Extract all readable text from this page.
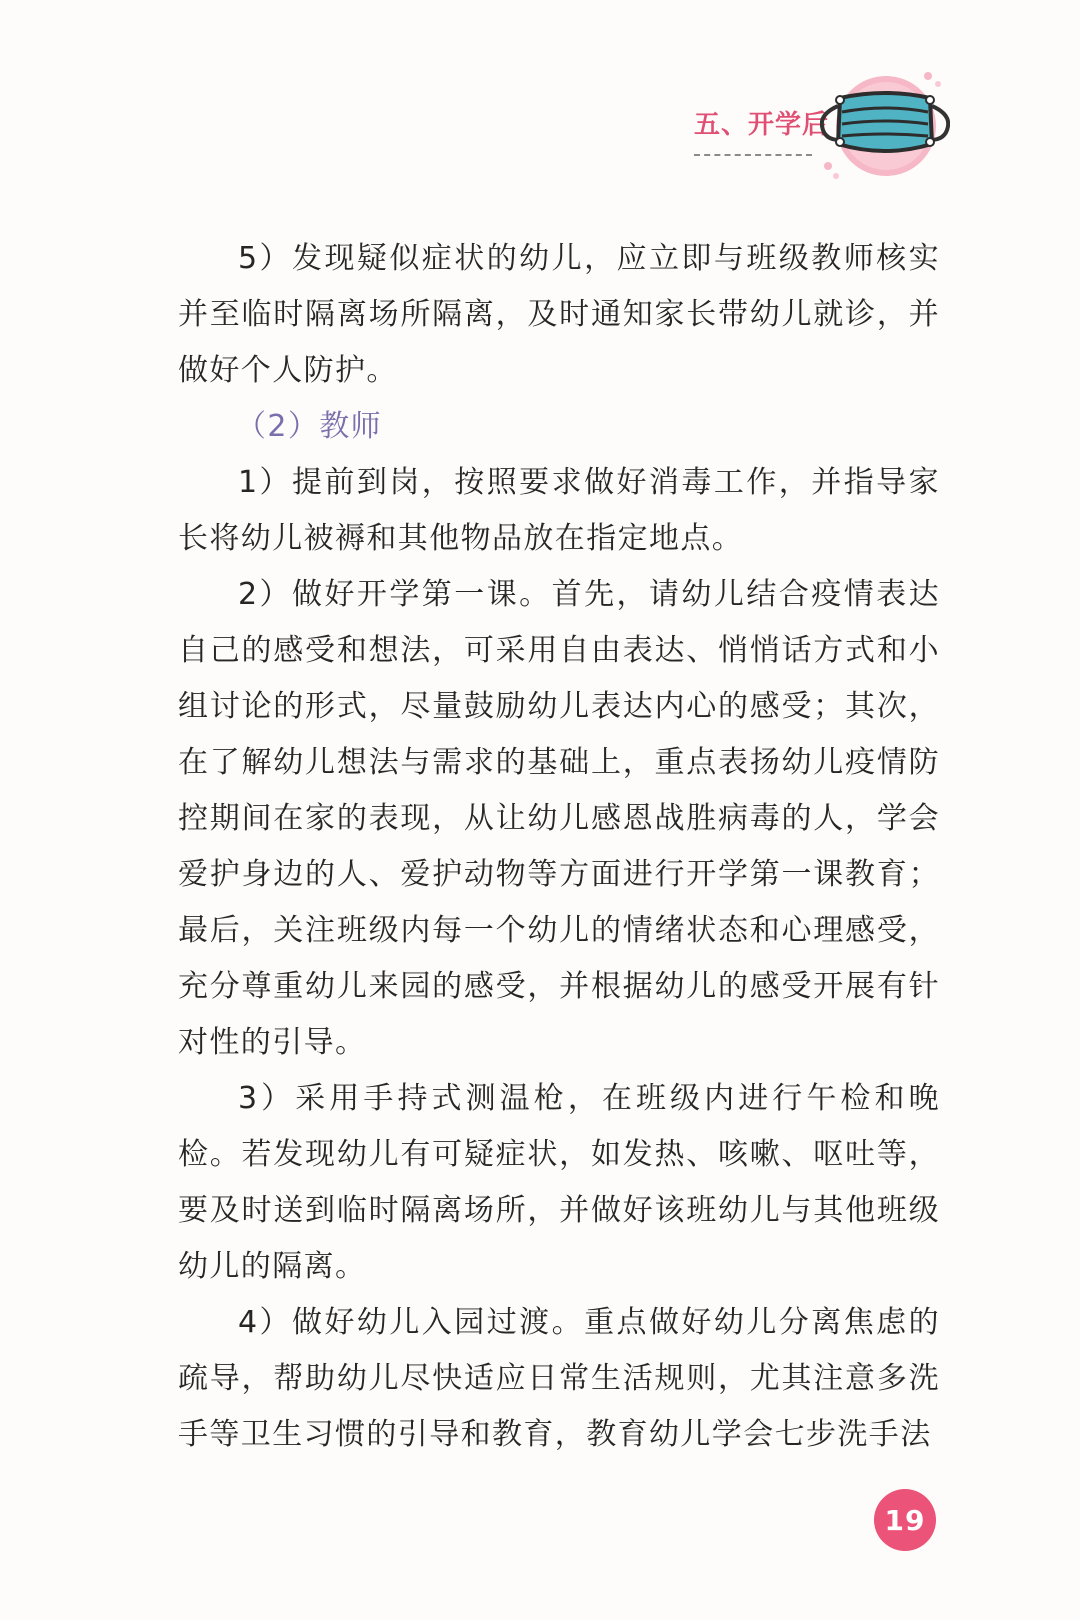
五、开学后

5）发现疑似症状的幼儿，应立即与班级教师核实并至临时隔离场所隔离，及时通知家长带幼儿就诊，并做好个人防护。

（2）教师

1）提前到岗，按照要求做好消毒工作，并指导家长将幼儿被褥和其他物品放在指定地点。

2）做好开学第一课。首先，请幼儿结合疫情表达自己的感受和想法，可采用自由表达、悄悄话方式和小组讨论的形式，尽量鼓励幼儿表达内心的感受；其次，在了解幼儿想法与需求的基础上，重点表扬幼儿疫情防控期间在家的表现，从让幼儿感恩战胜病毒的人，学会爱护身边的人、爱护动物等方面进行开学第一课教育；最后，关注班级内每一个幼儿的情绪状态和心理感受，充分尊重幼儿来园的感受，并根据幼儿的感受开展有针对性的引导。

3）采用手持式测温枪，在班级内进行午检和晚检。若发现幼儿有可疑症状，如发热、咳嗽、呕吐等，要及时送到临时隔离场所，并做好该班幼儿与其他班级幼儿的隔离。

4）做好幼儿入园过渡。重点做好幼儿分离焦虑的疏导，帮助幼儿尽快适应日常生活规则，尤其注意多洗手等卫生习惯的引导和教育，教育幼儿学会七步洗手法

19
